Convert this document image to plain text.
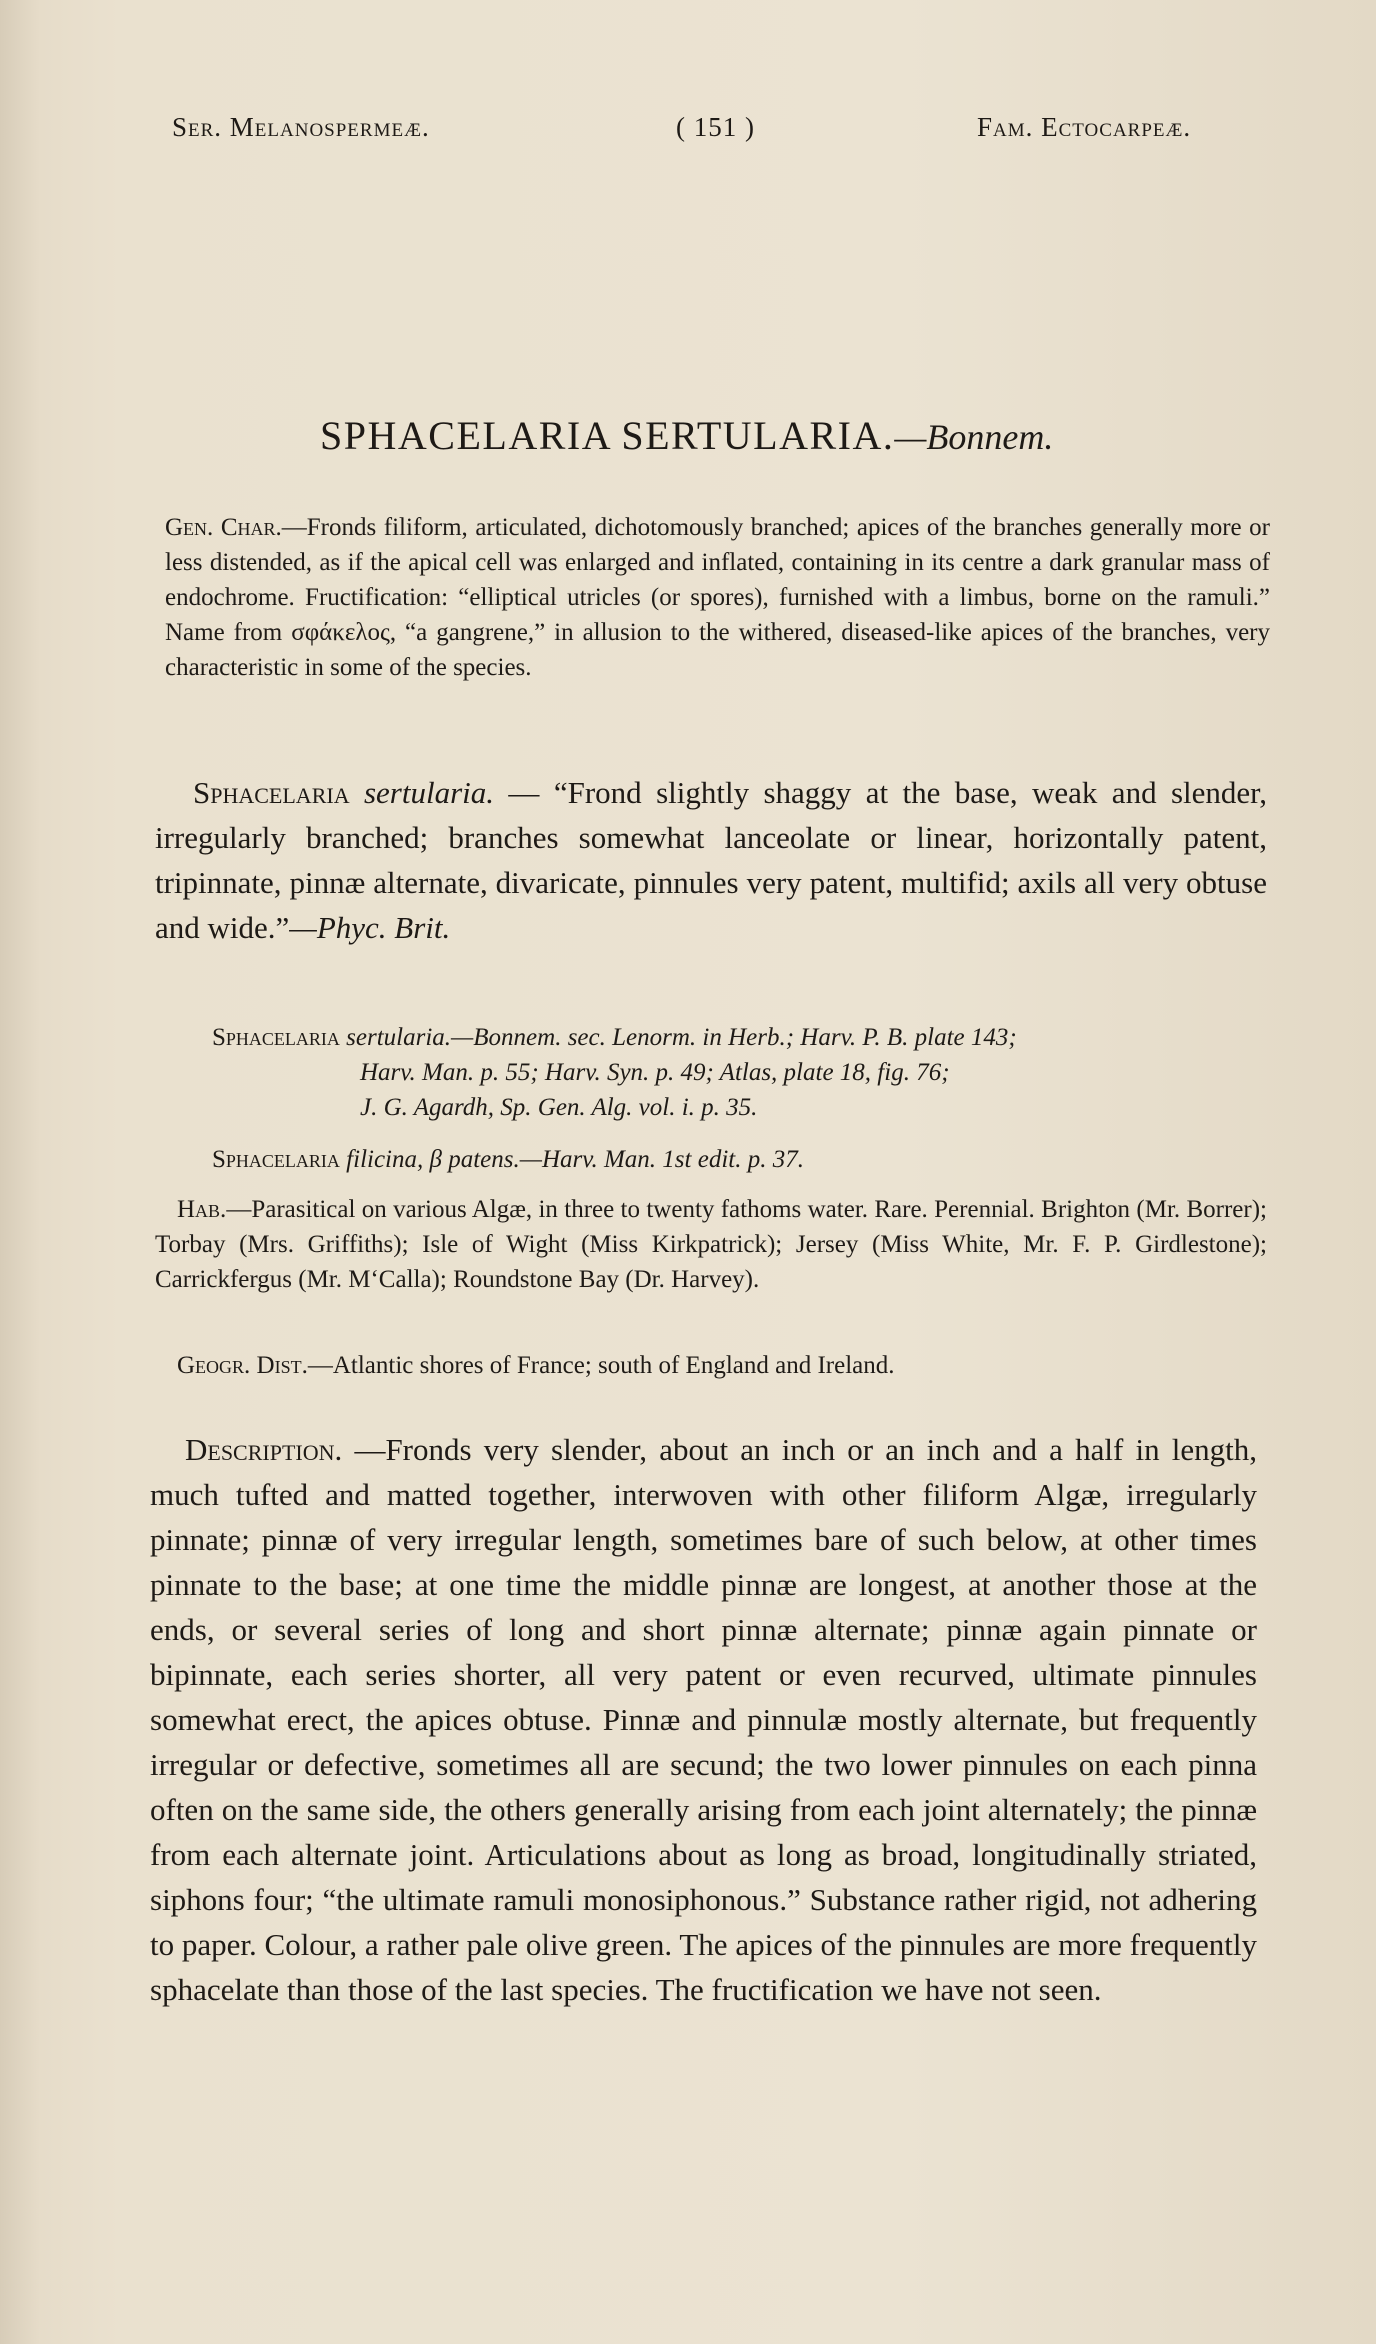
Ser. Melanospermeæ.	( 151 )	Fam. Ectocarpeæ.
SPHACELARIA SERTULARIA.—Bonnem.

Gen. Char.—Fronds filiform, articulated, dichotomously branched; apices of the branches generally more or less distended, as if the apical cell was enlarged and inflated, containing in its centre a dark granular mass of endochrome. Fructification: “elliptical utricles (or spores), furnished with a limbus, borne on the ramuli.” Name from σφάκελος, “a gangrene,” in allusion to the withered, diseased-like apices of the branches, very characteristic in some of the species.

Sphacelaria sertularia. — “Frond slightly shaggy at the base, weak and slender, irregularly branched; branches somewhat lanceolate or linear, horizontally patent, tripinnate, pinnæ alternate, divaricate, pinnules very patent, multifid; axils all very obtuse and wide.”—Phyc. Brit.

Sphacelaria sertularia.—Bonnem. sec. Lenorm. in Herb.; Harv. P. B. plate 143;
Harv. Man. p. 55; Harv. Syn. p. 49; Atlas, plate 18, fig. 76;
J. G. Agardh, Sp. Gen. Alg. vol. i. p. 35.
Sphacelaria filicina, β patens.—Harv. Man. 1st edit. p. 37.

Hab.—Parasitical on various Algæ, in three to twenty fathoms water. Rare. Perennial. Brighton (Mr. Borrer); Torbay (Mrs. Griffiths); Isle of Wight (Miss Kirkpatrick); Jersey (Miss White, Mr. F. P. Girdlestone); Carrickfergus (Mr. M‘Calla); Roundstone Bay (Dr. Harvey).

Geogr. Dist.—Atlantic shores of France; south of England and Ireland.

Description. —Fronds very slender, about an inch or an inch and a half in length, much tufted and matted together, interwoven with other filiform Algæ, irregularly pinnate; pinnæ of very irregular length, sometimes bare of such below, at other times pinnate to the base; at one time the middle pinnæ are longest, at another those at the ends, or several series of long and short pinnæ alternate; pinnæ again pinnate or bipinnate, each series shorter, all very patent or even recurved, ultimate pinnules somewhat erect, the apices obtuse. Pinnæ and pinnulæ mostly alternate, but frequently irregular or defective, sometimes all are secund; the two lower pinnules on each pinna often on the same side, the others generally arising from each joint alternately; the pinnæ from each alternate joint. Articulations about as long as broad, longitudinally striated, siphons four; “the ultimate ramuli monosiphonous.” Substance rather rigid, not adhering to paper. Colour, a rather pale olive green. The apices of the pinnules are more frequently sphacelate than those of the last species. The fructification we have not seen.
